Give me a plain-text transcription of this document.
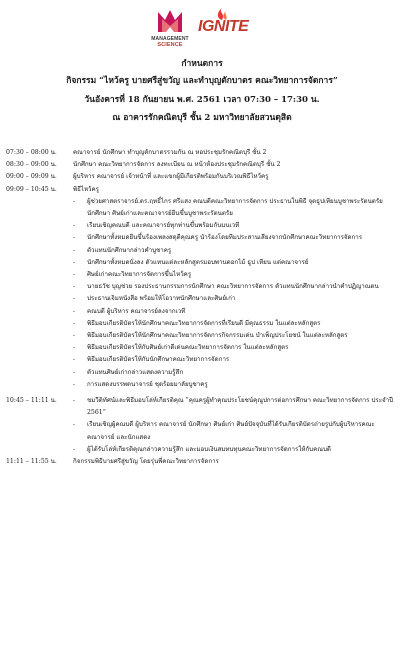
MANAGEMENT
SCIENCE
IGNITE
กำหนดการ
กิจกรรม “ไหว้ครู บายศรีสู่ขวัญ และทำบุญตักบาตร คณะวิทยาการจัดการ”
วันอังคารที่ 18 กันยายน พ.ศ. 2561 เวลา 07:30 – 17:30 น.
ณ อาคารรักคณิตบุรี ชั้น 2 มหาวิทยาลัยสวนดุสิต
07:30 – 08:00 น.	คณาจารย์ นักศึกษา ทำบุญตักบาตรรวมกัน ณ หอประชุมรักคณิตบุรี ชั้น 2
08:30 – 09:00 น.	นักศึกษา คณะวิทยาการจัดการ ลงทะเบียน ณ หน้าห้องประชุมรักคณิตบุรี ชั้น 2
09:00 – 09:09 น.	ผู้บริหาร คณาจารย์ เจ้าหน้าที่ และแขกผู้มีเกียรติพร้อมกันบริเวณพิธีไหว้ครู
09:09 – 10:45 น.	พิธีไหว้ครู
- ผู้ช่วยศาสตราจารย์.ดร.ฤทธิ์ไกร ศรีแสง คณบดีคณะวิทยาการจัดการ ประธานในพิธี จุดธูปเทียนบูชาพระรัตนตรัย นักศึกษา ศิษย์เก่าและคณาจารย์ยืนขึ้นบูชาพระรัตนตรัย
- เรียนเชิญคณบดี และคณาจารย์ทุกท่านขึ้นพร้อมกันบนเวที
- นักศึกษาทั้งหมดยืนขึ้นร้องเพลงสดุดีคุณครู นำร้องโดยทีมประสานเสียงจากนักศึกษาคณะวิทยาการจัดการ
- ตัวแทนนักศึกษากล่าวคำบูชาครู
- นักศึกษาทั้งหมดนั่งลง ตัวแทนแต่ละหลักสูตรมอบพานดอกไม้ ธูป เทียน แด่คณาจารย์
- ศิษย์เก่าคณะวิทยาการจัดการขึ้นไหว้ครู
- นายธวัช บุญช่วย รองประธานกรรมการนักศึกษา คณะวิทยาการจัดการ ตัวแทนนักศึกษากล่าวนำคำปฏิญาณตน
- ประธานเจิมหนังสือ พร้อมให้โอวาทนักศึกษาและศิษย์เก่า
- คณบดี ผู้บริหาร คณาจารย์ลงจากเวที
- พิธีมอบเกียรติบัตรให้นักศึกษาคณะวิทยาการจัดการที่เรียนดี มีคุณธรรม ในแต่ละหลักสูตร
- พิธีมอบเกียรติบัตรให้นักศึกษาคณะวิทยาการจัดการกิจกรรมเด่น บำเพ็ญประโยชน์ ในแต่ละหลักสูตร
- พิธีมอบเกียรติบัตรให้กับศิษย์เก่าดีเด่นคณะวิทยาการจัดการ ในแต่ละหลักสูตร
- พิธีมอบเกียรติบัตรให้กับนักศึกษาคณะวิทยาการจัดการ
- ตัวแทนศิษย์เก่ากล่าวแสดงความรู้สึก
- การแสดงบรรพดนาจารย์ ชุดร้อยมาลัยบูชาครู
10:45 – 11:11 น.	- ชมวีดิทัศน์และพิธีมอบโล่ห์เกียรติคุณ “คุณครูผู้ทำคุณประโยชน์คุณูปการต่อการศึกษา คณะวิทยาการจัดการ ประจำปี 2561”
- เรียนเชิญผู้คณบดี ผู้บริหาร คณาจารย์ นักศึกษา ศิษย์เก่า ศิษย์ปัจจุบันที่ได้รับเกียรติบัตรถ่ายรูปกับผู้บริหารคณะ คณาจารย์ และนักแสดง
- ผู้ได้รับโล่ห์เกียรติคุณกล่าวความรู้สึก และมอบเงินสมทบทุนคณะวิทยาการจัดการให้กับคณบดี
11:11 – 11:55 น.	กิจกรรมพิธีบายศรีสู่ขวัญ โดยรุ่นพี่คณะวิทยาการจัดการ
